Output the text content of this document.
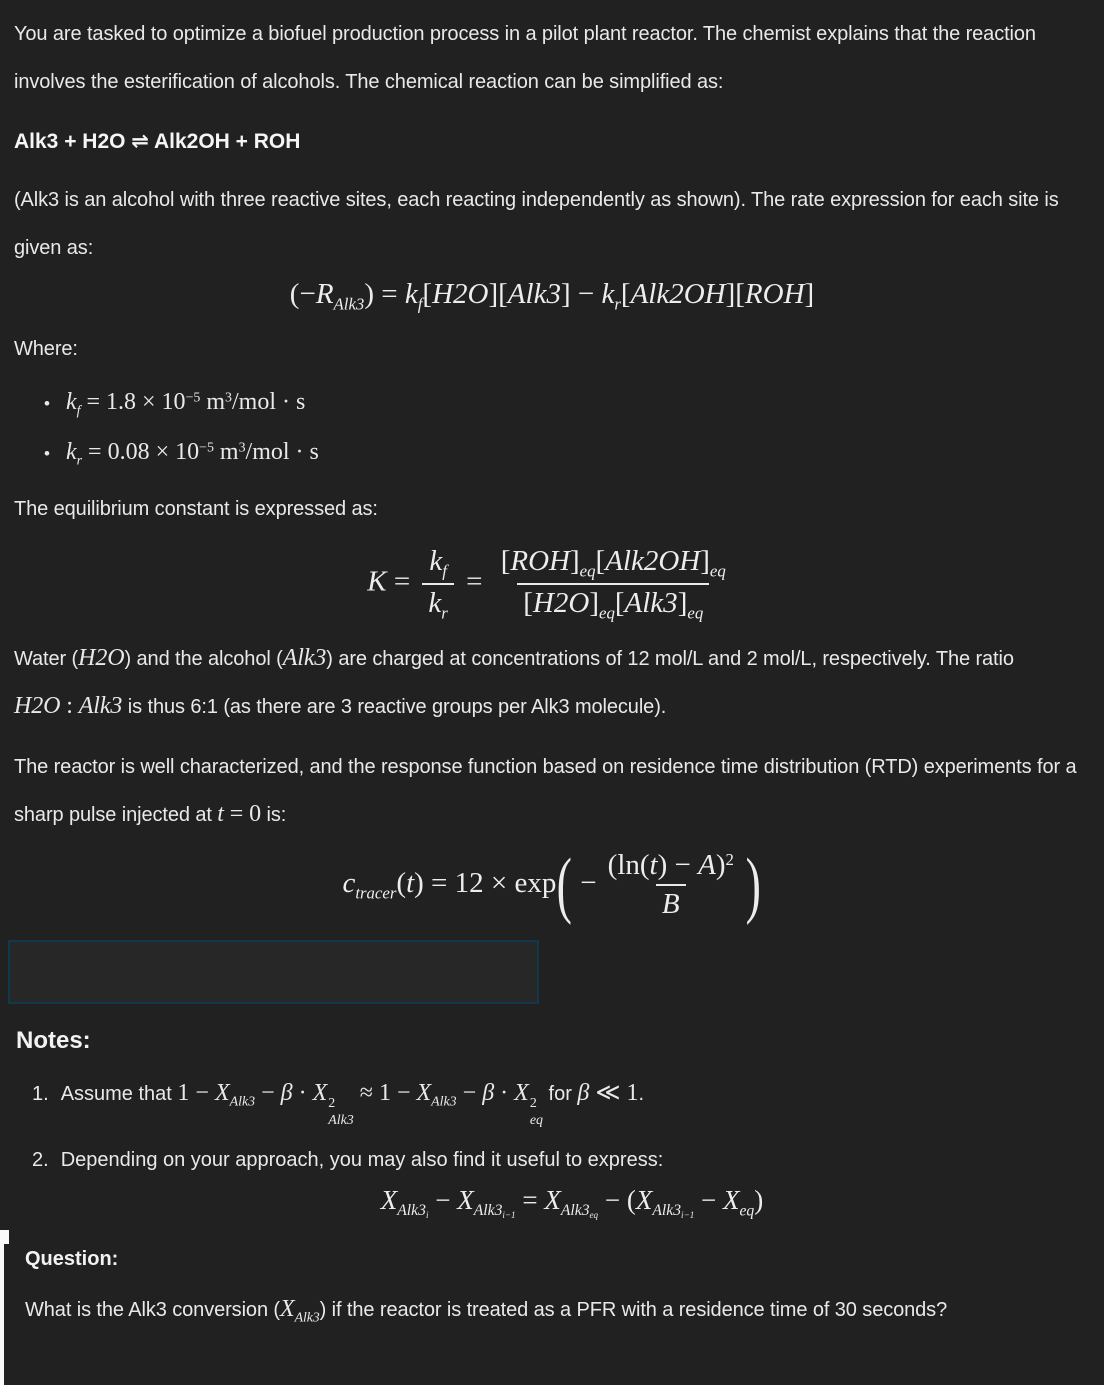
You are tasked to optimize a biofuel production process in a pilot plant reactor. The chemist explains that the reaction involves the esterification of alcohols. The chemical reaction can be simplified as:

Alk3 + H2O ⇌ Alk2OH + ROH

(Alk3 is an alcohol with three reactive sites, each reacting independently as shown). The rate expression for each site is given as:

$(-R_{Alk3}) = k_f[H2O][Alk3] - k_r[Alk2OH][ROH]$

Where:

• $k_f = 1.8 \times 10^{-5}$ $m^3$/mol · s
• $k_r = 0.08 \times 10^{-5}$ $m^3$/mol · s

The equilibrium constant is expressed as:

$K = \frac{k_f}{k_r} = \frac{[ROH]_{eq}[Alk2OH]_{eq}}{[H2O]_{eq}[Alk3]_{eq}}$

Water (H2O) and the alcohol (Alk3) are charged at concentrations of 12 mol/L and 2 mol/L, respectively. The ratio H2O : Alk3 is thus 6:1 (as there are 3 reactive groups per Alk3 molecule).

The reactor is well characterized, and the response function based on residence time distribution (RTD) experiments for a sharp pulse injected at t = 0 is:

$c_{tracer}(t) = 12 \times \exp( - \frac{(\ln(t) - A)^2}{B}$ )
Notes:
1. Assume that $1 - X_{Alk3} - \beta \cdot X$ 2
Alk3
≈ $1 - X_{Alk3} - \beta \cdot X$ 2
eq
for β ≪ 1.
2. Depending on your approach, you may also find it useful to express:
$X_{Alk3_i} - X_{Alk3_{i-1}} = X_{Alk3_{eq}} - (X_{Alk3_{i-1}} - X_{eq})$
Question:

What is the Alk3 conversion $(X_{Alk3})$ if the reactor is treated as a PFR with a residence time of 30 seconds?
